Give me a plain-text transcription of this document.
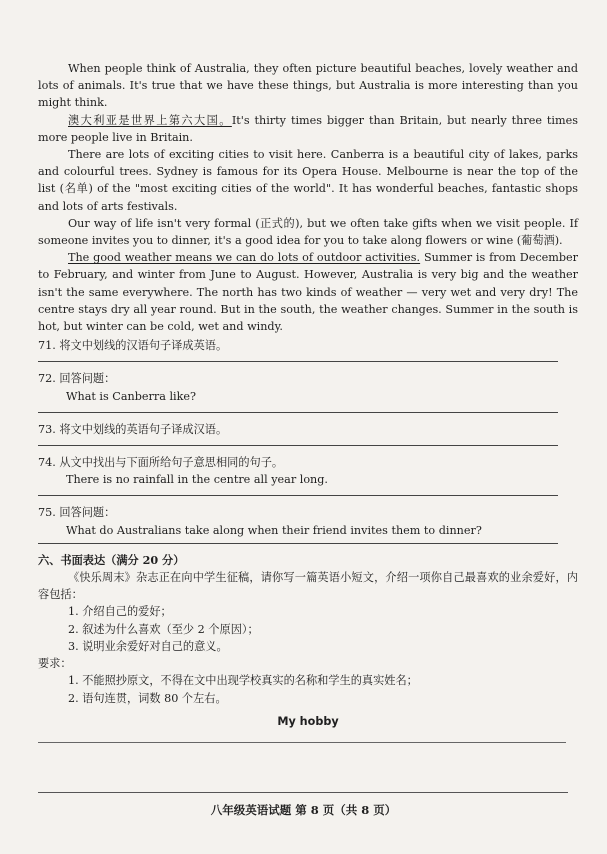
When people think of Australia, they often picture beautiful beaches, lovely weather and lots of animals. It's true that we have these things, but Australia is more interesting than you might think.

澳大利亚是世界上第六大国。It's thirty times bigger than Britain, but nearly three times more people live in Britain.

There are lots of exciting cities to visit here. Canberra is a beautiful city of lakes, parks and colourful trees. Sydney is famous for its Opera House. Melbourne is near the top of the list (名单) of the "most exciting cities of the world". It has wonderful beaches, fantastic shops and lots of arts festivals.

Our way of life isn't very formal (正式的), but we often take gifts when we visit people. If someone invites you to dinner, it's a good idea for you to take along flowers or wine (葡萄酒).

The good weather means we can do lots of outdoor activities. Summer is from December to February, and winter from June to August. However, Australia is very big and the weather isn't the same everywhere. The north has two kinds of weather — very wet and very dry! The centre stays dry all year round. But in the south, the weather changes. Summer in the south is hot, but winter can be cold, wet and windy.

71. 将文中划线的汉语句子译成英语。

72. 回答问题：

What is Canberra like?

73. 将文中划线的英语句子译成汉语。

74. 从文中找出与下面所给句子意思相同的句子。

There is no rainfall in the centre all year long.

75. 回答问题：

What do Australians take along when their friend invites them to dinner?

六、书面表达（满分 20 分）

《快乐周末》杂志正在向中学生征稿，请你写一篇英语小短文，介绍一项你自己最喜欢的业余爱好，内容包括：

1. 介绍自己的爱好；

2. 叙述为什么喜欢（至少 2 个原因）；

3. 说明业余爱好对自己的意义。

要求：

1. 不能照抄原文，不得在文中出现学校真实的名称和学生的真实姓名；

2. 语句连贯，词数 80 个左右。

My hobby

八年级英语试题 第 8 页（共 8 页）
